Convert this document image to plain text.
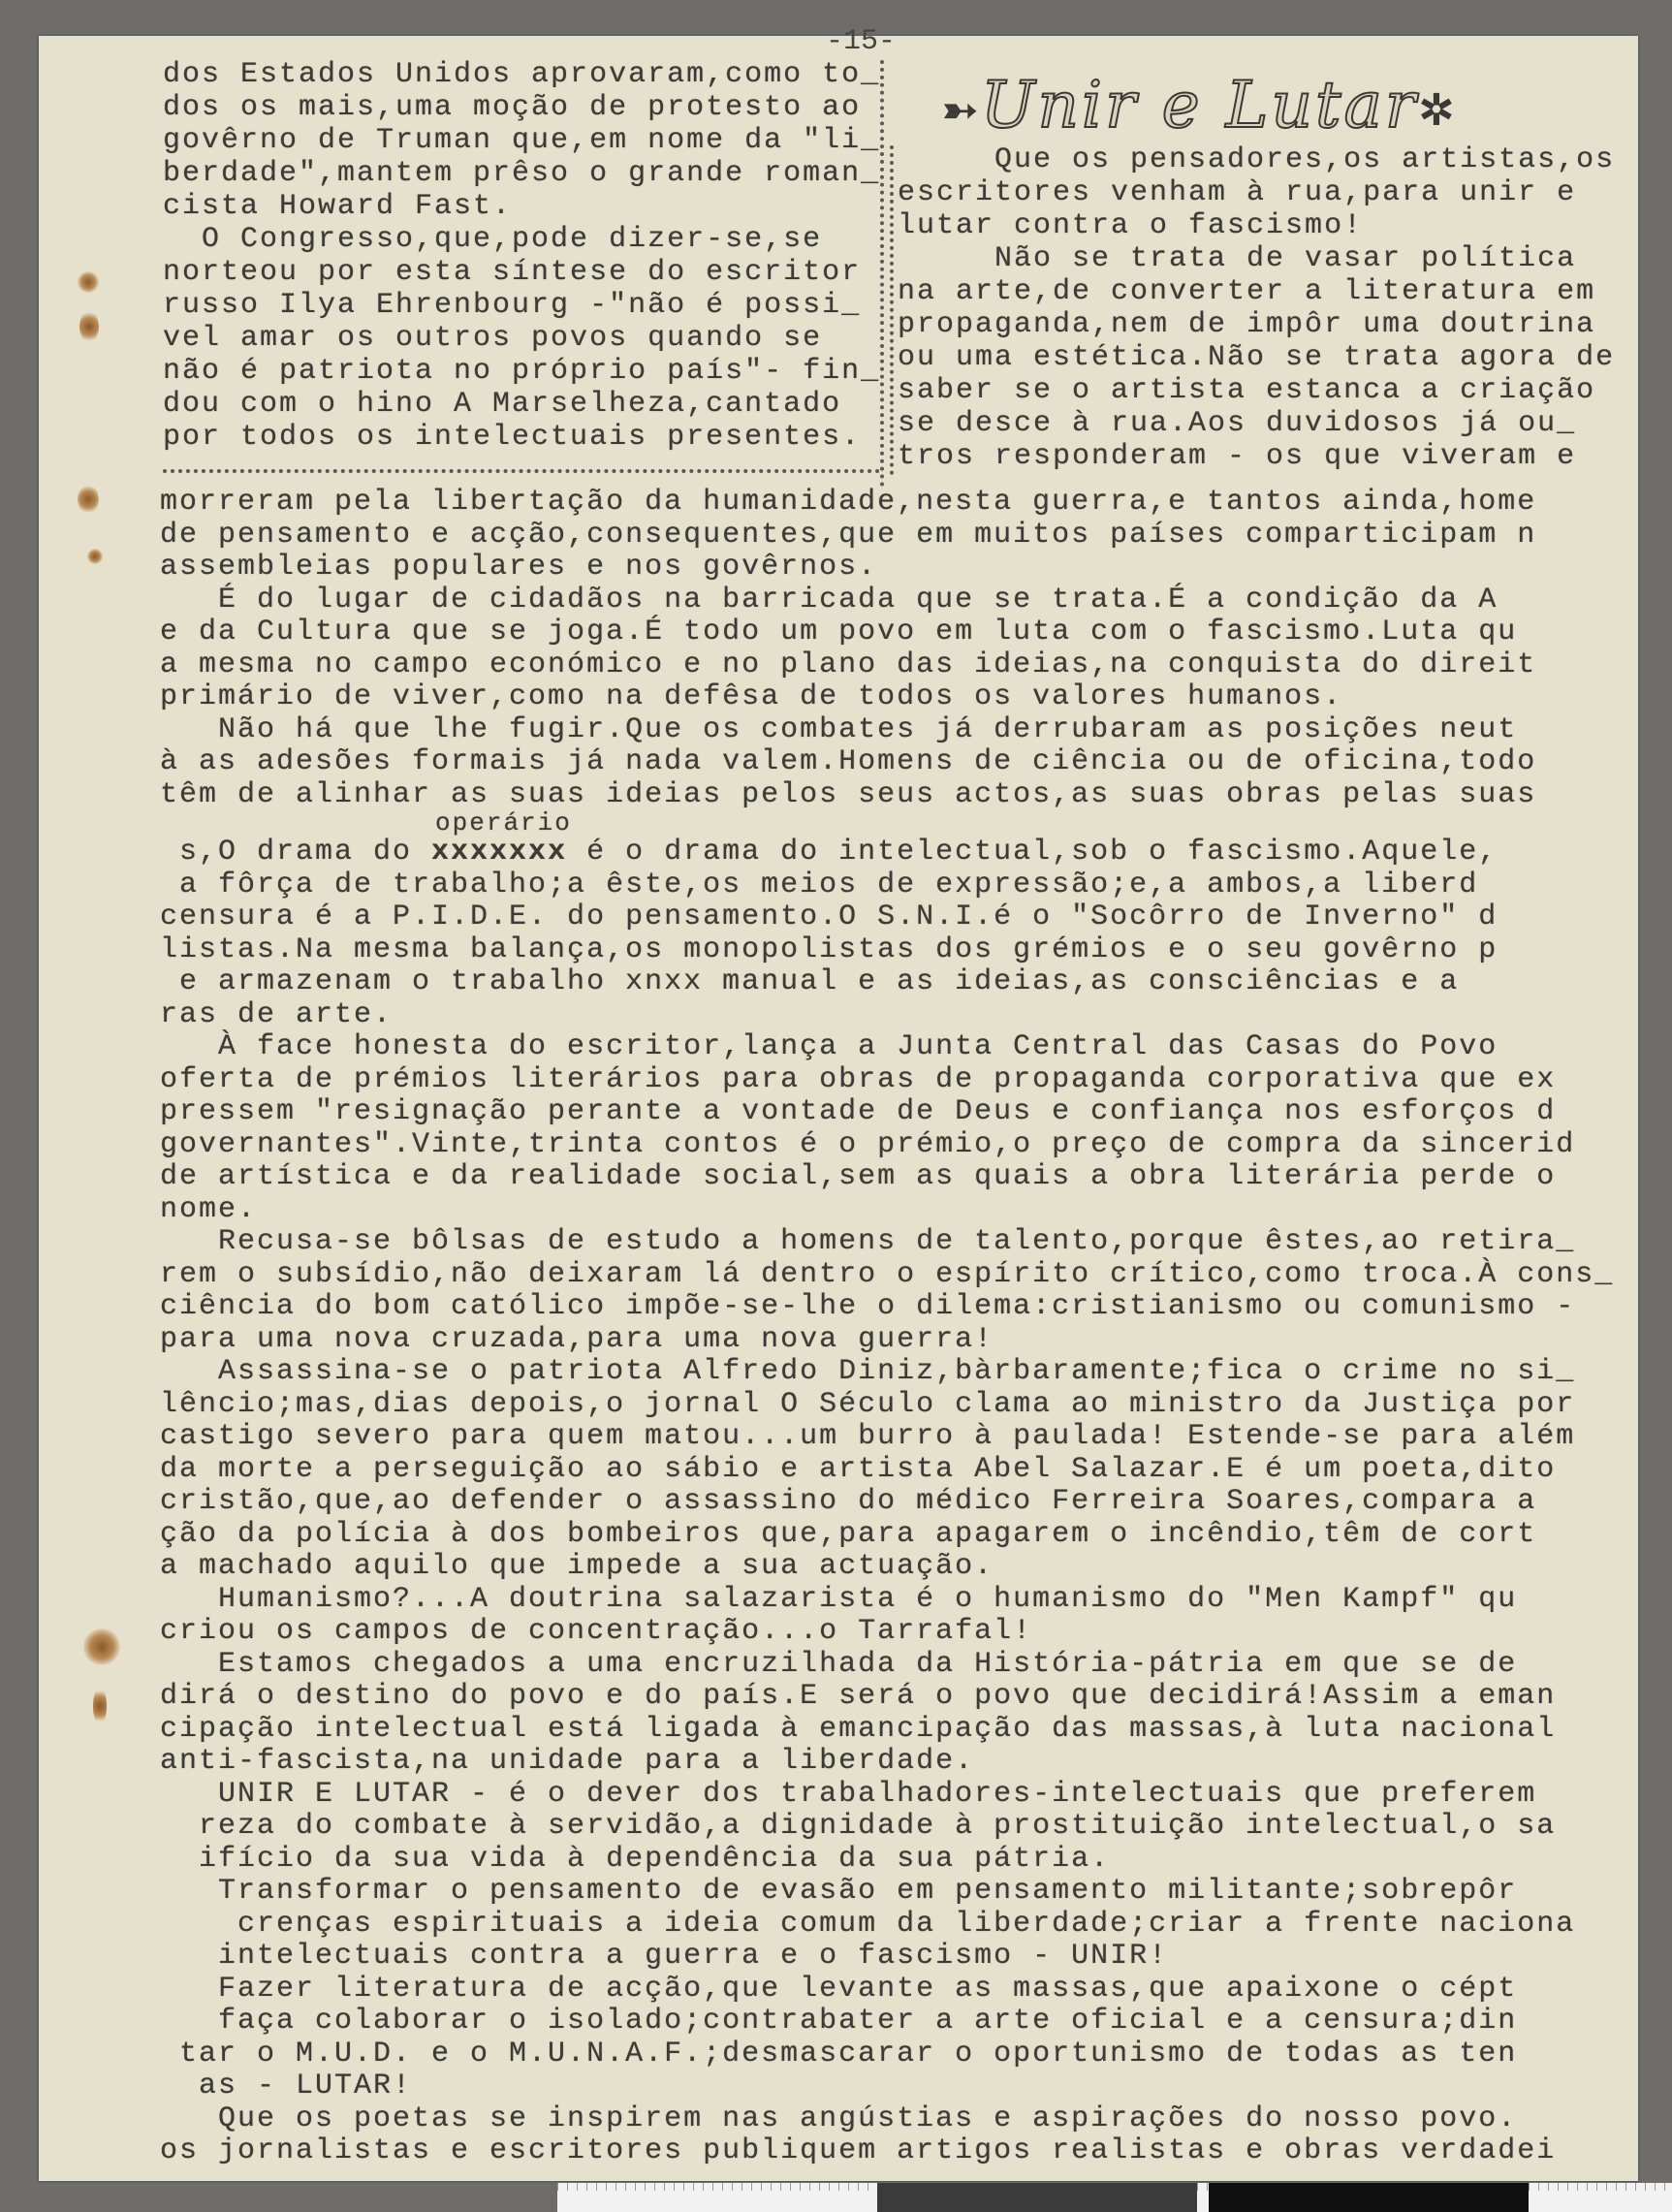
-15-
➳Unir e Lutar✲
dos Estados Unidos aprovaram,como to_
dos os mais,uma moção de protesto ao
govêrno de Truman que,em nome da "li_
berdade",mantem prêso o grande roman_
cista Howard Fast.
O Congresso,que,pode dizer-se,se
norteou por esta síntese do escritor
russo Ilya Ehrenbourg -"não é possi_
vel amar os outros povos quando se
não é patriota no próprio país"- fin_
dou com o hino A Marselheza,cantado
por todos os intelectuais presentes.
Que os pensadores,os artistas,os
escritores venham à rua,para unir e
lutar contra o fascismo!
Não se trata de vasar política
na arte,de converter a literatura em
propaganda,nem de impôr uma doutrina
ou uma estética.Não se trata agora de
saber se o artista estanca a criação
se desce à rua.Aos duvidosos já ou_
tros responderam - os que viveram e
morreram pela libertação da humanidade,nesta guerra,e tantos ainda,home
de pensamento e acção,consequentes,que em muitos países comparticipam n
assembleias populares e nos govêrnos.
É do lugar de cidadãos na barricada que se trata.É a condição da A
e da Cultura que se joga.É todo um povo em luta com o fascismo.Luta qu
a mesma no campo económico e no plano das ideias,na conquista do direit
primário de viver,como na defêsa de todos os valores humanos.
Não há que lhe fugir.Que os combates já derrubaram as posições neut
à as adesões formais já nada valem.Homens de ciência ou de oficina,todo
têm de alinhar as suas ideias pelos seus actos,as suas obras pelas suas
s,O drama do xxxxxxx
operário
é o drama do intelectual,sob o fascismo.Aquele,
a fôrça de trabalho;a êste,os meios de expressão;e,a ambos,a liberd
censura é a P.I.D.E. do pensamento.O S.N.I.é o "Socôrro de Inverno" d
listas.Na mesma balança,os monopolistas dos grémios e o seu govêrno p
e armazenam o trabalho xnxx manual e as ideias,as consciências e a
ras de arte.
À face honesta do escritor,lança a Junta Central das Casas do Povo
oferta de prémios literários para obras de propaganda corporativa que ex
pressem "resignação perante a vontade de Deus e confiança nos esforços d
governantes".Vinte,trinta contos é o prémio,o preço de compra da sincerid
de artística e da realidade social,sem as quais a obra literária perde o
nome.
Recusa-se bôlsas de estudo a homens de talento,porque êstes,ao retira_
rem o subsídio,não deixaram lá dentro o espírito crítico,como troca.À cons_
ciência do bom católico impõe-se-lhe o dilema:cristianismo ou comunismo -
para uma nova cruzada,para uma nova guerra!
Assassina-se o patriota Alfredo Diniz,bàrbaramente;fica o crime no si_
lêncio;mas,dias depois,o jornal O Século clama ao ministro da Justiça por
castigo severo para quem matou...um burro à paulada! Estende-se para além
da morte a perseguição ao sábio e artista Abel Salazar.E é um poeta,dito
cristão,que,ao defender o assassino do médico Ferreira Soares,compara a
ção da polícia à dos bombeiros que,para apagarem o incêndio,têm de cort
a machado aquilo que impede a sua actuação.
Humanismo?...A doutrina salazarista é o humanismo do "Men Kampf" qu
criou os campos de concentração...o Tarrafal!
Estamos chegados a uma encruzilhada da História-pátria em que se de
dirá o destino do povo e do país.E será o povo que decidirá!Assim a eman
cipação intelectual está ligada à emancipação das massas,à luta nacional
anti-fascista,na unidade para a liberdade.
UNIR E LUTAR - é o dever dos trabalhadores-intelectuais que preferem
reza do combate à servidão,a dignidade à prostituição intelectual,o sa
ifício da sua vida à dependência da sua pátria.
Transformar o pensamento de evasão em pensamento militante;sobrepôr
crenças espirituais a ideia comum da liberdade;criar a frente naciona
intelectuais contra a guerra e o fascismo - UNIR!
Fazer literatura de acção,que levante as massas,que apaixone o cépt
faça colaborar o isolado;contrabater a arte oficial e a censura;din
tar o M.U.D. e o M.U.N.A.F.;desmascarar o oportunismo de todas as ten
as - LUTAR!
Que os poetas se inspirem nas angústias e aspirações do nosso povo.
os jornalistas e escritores publiquem artigos realistas e obras verdadei
